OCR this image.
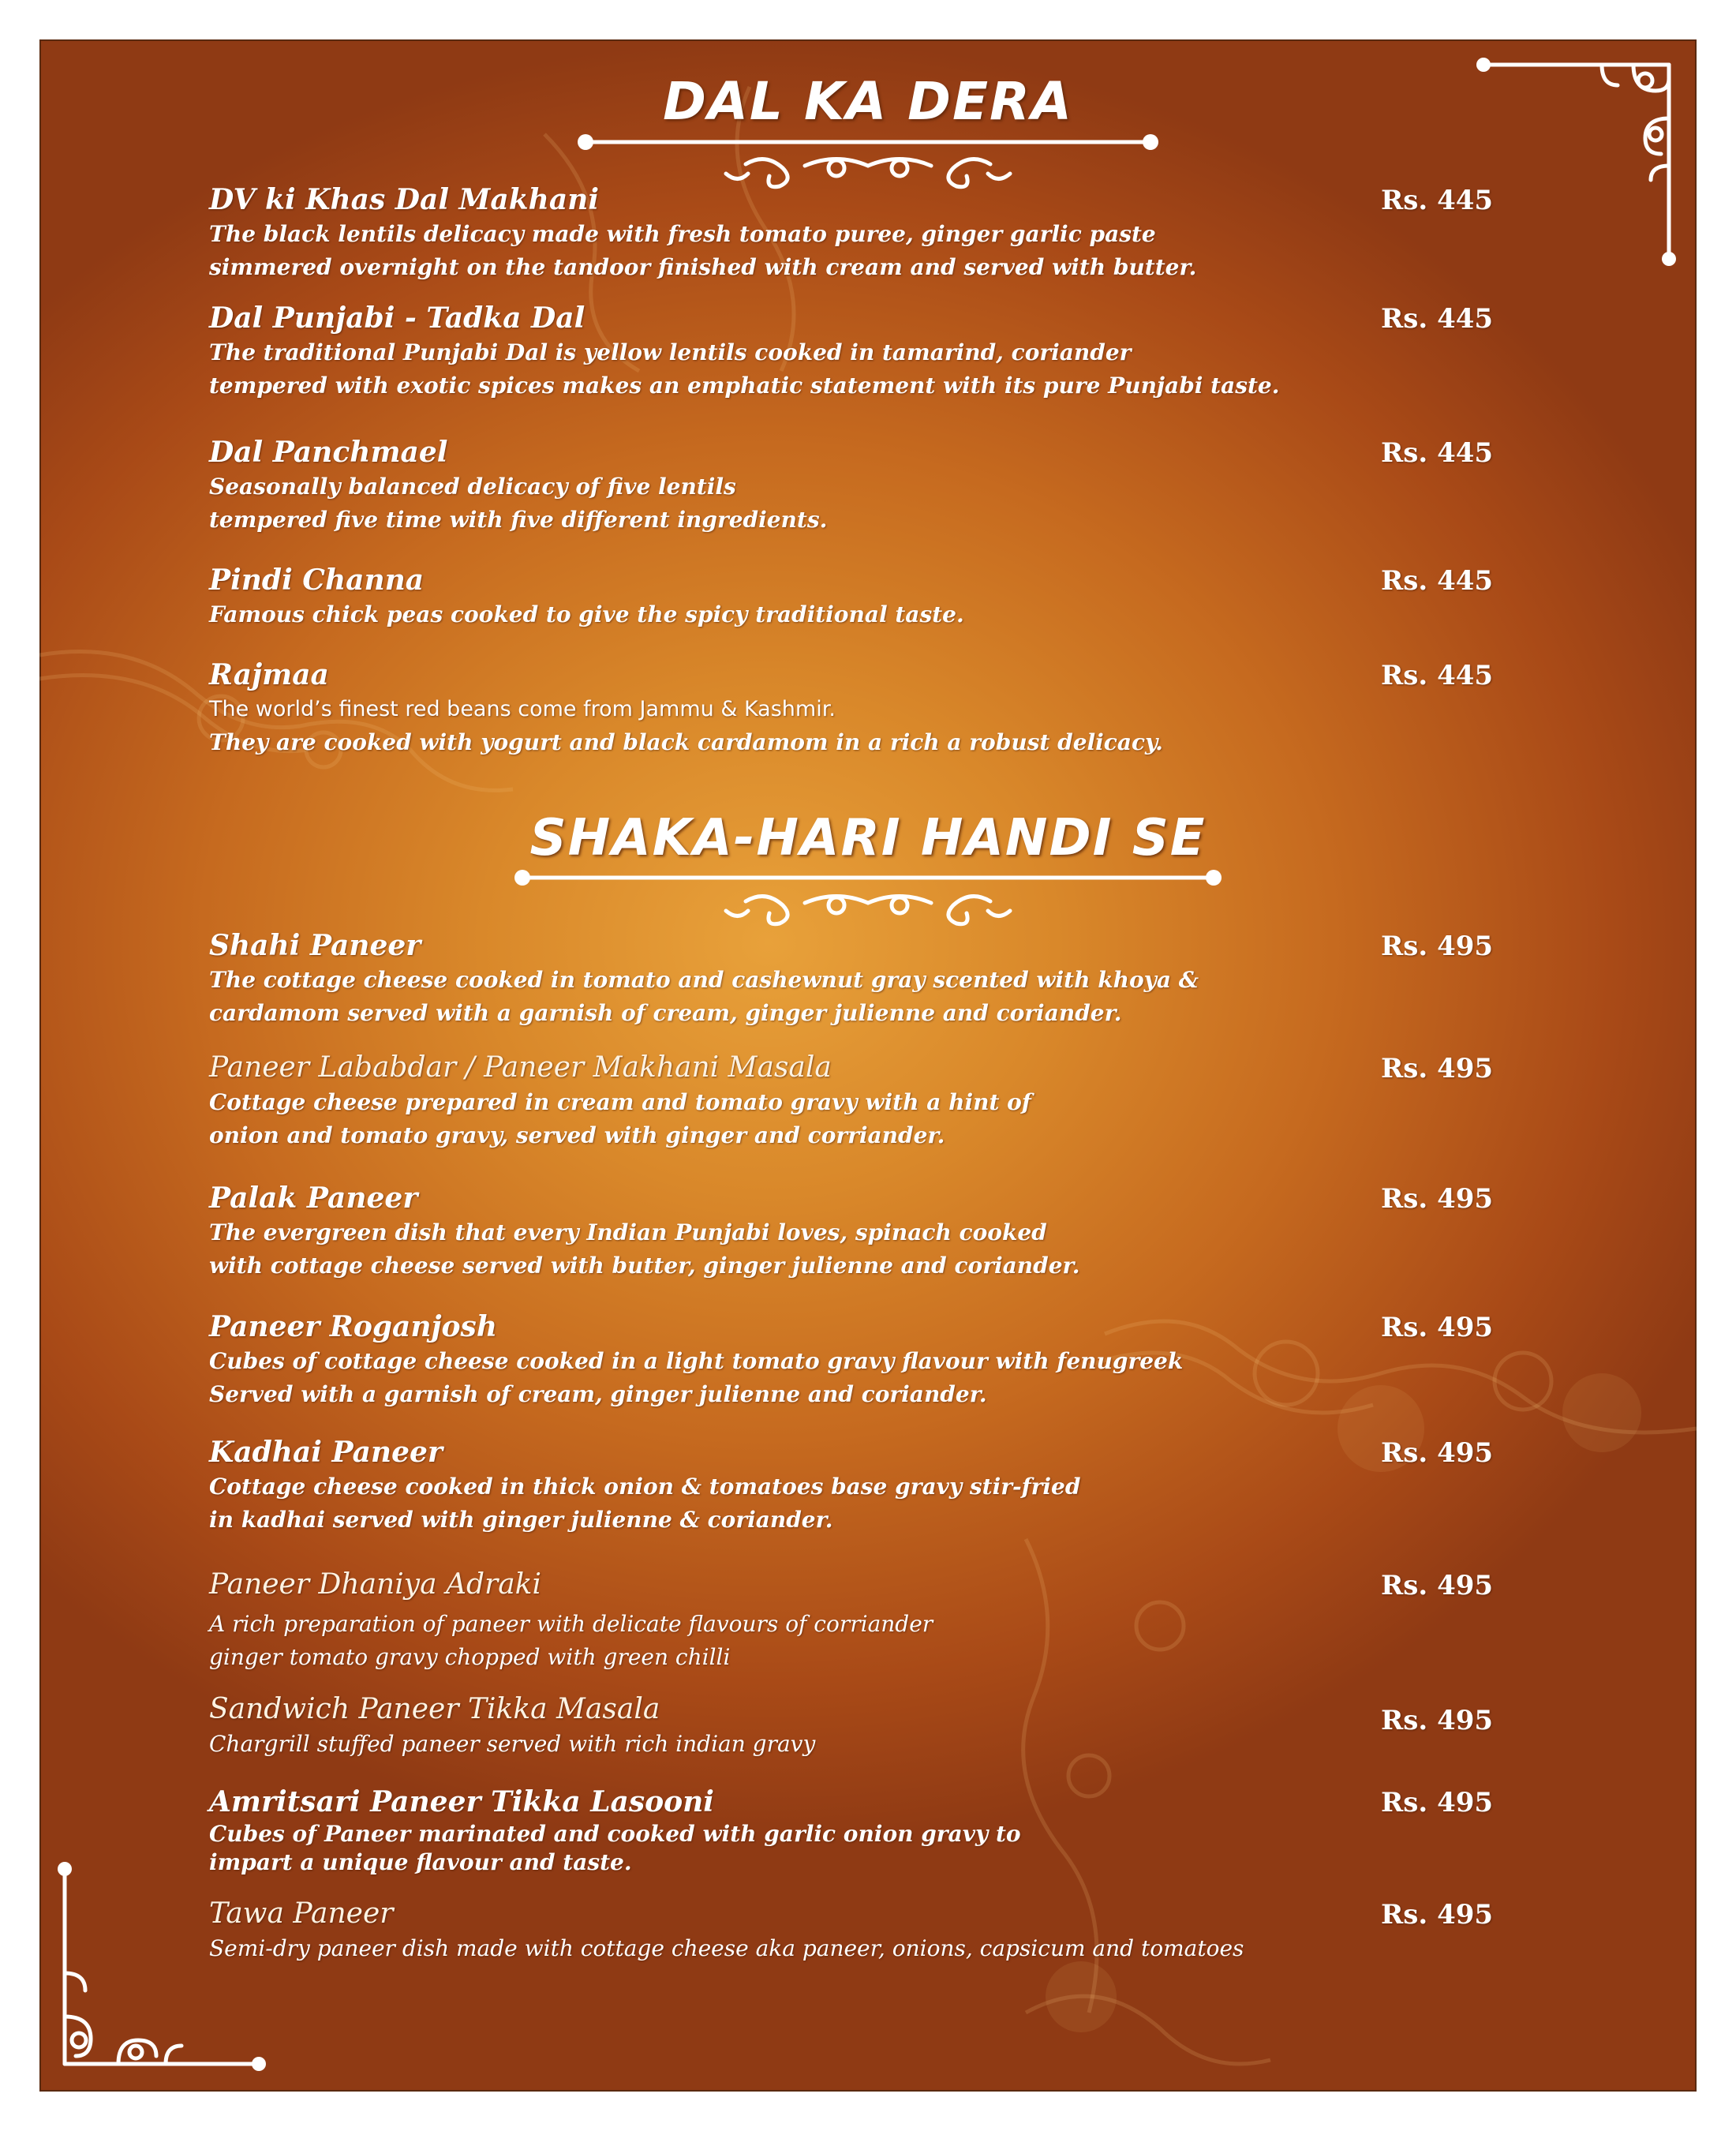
DAL KA DERA
DV ki Khas Dal Makhani
The black lentils delicacy made with fresh tomato puree, ginger garlic paste
simmered overnight on the tandoor finished with cream and served with butter.
Rs. 445
Dal Punjabi - Tadka Dal
The traditional Punjabi Dal is yellow lentils cooked in tamarind, coriander
tempered with exotic spices makes an emphatic statement with its pure Punjabi taste.
Rs. 445
Dal Panchmael
Seasonally balanced delicacy of five lentils
tempered five time with five different ingredients.
Rs. 445
Pindi Channa
Famous chick peas cooked to give the spicy traditional taste.
Rs. 445
Rajmaa
The world’s finest red beans come from Jammu & Kashmir.
They are cooked with yogurt and black cardamom in a rich a robust delicacy.
Rs. 445
SHAKA-HARI HANDI SE
Shahi Paneer
The cottage cheese cooked in tomato and cashewnut gray scented with khoya &
cardamom served with a garnish of cream, ginger julienne and coriander.
Rs. 495
Paneer Lababdar / Paneer Makhani Masala
Cottage cheese prepared in cream and tomato gravy with a hint of
onion and tomato gravy, served with ginger and corriander.
Rs. 495
Palak Paneer
The evergreen dish that every Indian Punjabi loves, spinach cooked
with cottage cheese served with butter, ginger julienne and coriander.
Rs. 495
Paneer Roganjosh
Cubes of cottage cheese cooked in a light tomato gravy flavour with fenugreek
Served with a garnish of cream, ginger julienne and coriander.
Rs. 495
Kadhai Paneer
Cottage cheese cooked in thick onion & tomatoes base gravy stir-fried
in kadhai served with ginger julienne & coriander.
Rs. 495
Paneer Dhaniya Adraki
A rich preparation of paneer with delicate flavours of corriander
ginger tomato gravy chopped with green chilli
Rs. 495
Sandwich Paneer Tikka Masala
Chargrill stuffed paneer served with rich indian gravy
Rs. 495
Amritsari Paneer Tikka Lasooni
Cubes of Paneer marinated and cooked with garlic onion gravy to
impart a unique flavour and taste.
Rs. 495
Tawa Paneer
Semi-dry paneer dish made with cottage cheese aka paneer, onions, capsicum and tomatoes
Rs. 495
